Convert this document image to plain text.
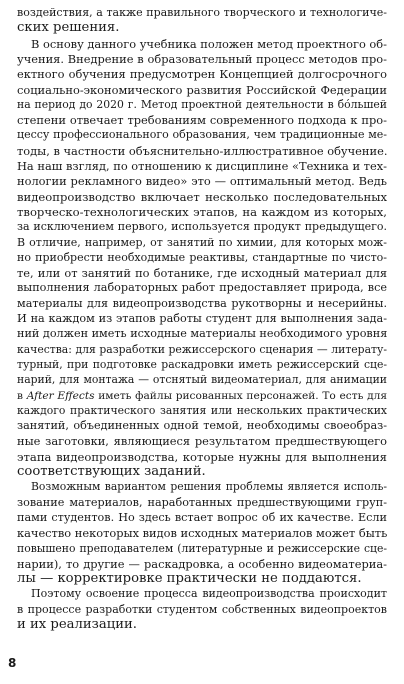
воздействия, а также правильного творческого и технологиче-
ских решения.
В основу данного учебника положен метод проектного об-
учения. Внедрение в образовательный процесс методов про-
ектного обучения предусмотрен Концепцией долгосрочного
социально-экономического развития Российской Федерации
на период до 2020 г. Метод проектной деятельности в бо́льшей
степени отвечает требованиям современного подхода к про-
цессу профессионального образования, чем традиционные ме-
тоды, в частности объяснительно-иллюстративное обучение.
На наш взгляд, по отношению к дисциплине «Техника и тех-
нологии рекламного видео» это — оптимальный метод. Ведь
видеопроизводство включает несколько последовательных
творческо-технологических этапов, на каждом из которых,
за исключением первого, используется продукт предыдущего.
В отличие, например, от занятий по химии, для которых мож-
но приобрести необходимые реактивы, стандартные по чисто-
те, или от занятий по ботанике, где исходный материал для
выполнения лабораторных работ предоставляет природа, все
материалы для видеопроизводства рукотворны и несерийны.
И на каждом из этапов работы студент для выполнения зада-
ний должен иметь исходные материалы необходимого уровня
качества: для разработки режиссерского сценария — литерату-
турный, при подготовке раскадровки иметь режиссерский сце-
нарий, для монтажа — отснятый видеоматериал, для анимации
в After Effects иметь файлы рисованных персонажей. То есть для
каждого практического занятия или нескольких практических
занятий, объединенных одной темой, необходимы своеобраз-
ные заготовки, являющиеся результатом предшествующего
этапа видеопроизводства, которые нужны для выполнения
соответствующих заданий.
Возможным вариантом решения проблемы является исполь-
зование материалов, наработанных предшествующими груп-
пами студентов. Но здесь встает вопрос об их качестве. Если
качество некоторых видов исходных материалов может быть
повышено преподавателем (литературные и режиссерские сце-
нарии), то другие — раскадровка, а особенно видеоматериа-
лы — корректировке практически не поддаются.
Поэтому освоение процесса видеопроизводства происходит
в процессе разработки студентом собственных видеопроектов
и их реализации.
8
